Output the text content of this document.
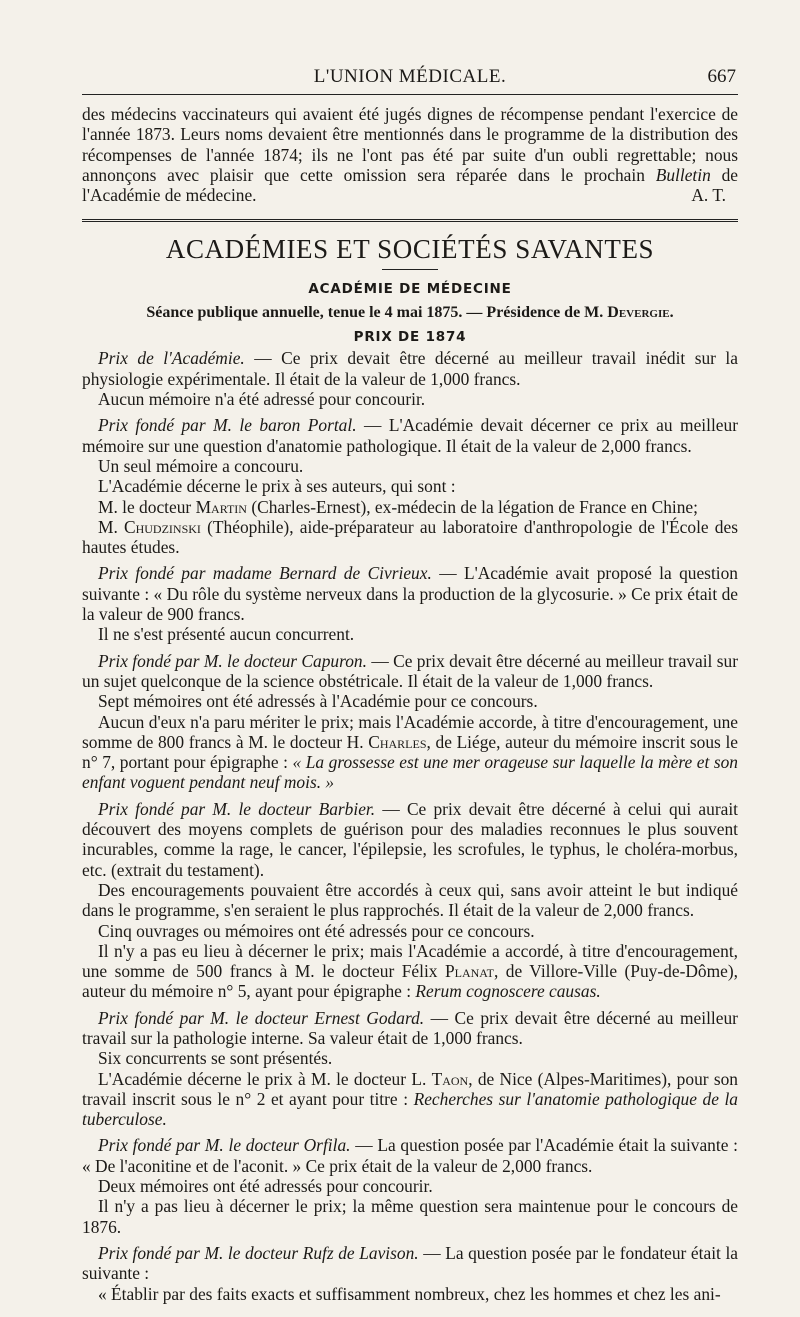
L'UNION MÉDICALE.	667

des médecins vaccinateurs qui avaient été jugés dignes de récompense pendant l'exercice de l'année 1873. Leurs noms devaient être mentionnés dans le programme de la distribution des récompenses de l'année 1874; ils ne l'ont pas été par suite d'un oubli regrettable; nous annonçons avec plaisir que cette omission sera réparée dans le prochain Bulletin de l'Académie de médecine.	A. T.

ACADÉMIES ET SOCIÉTÉS SAVANTES
ACADÉMIE DE MÉDECINE
Séance publique annuelle, tenue le 4 mai 1875. — Présidence de M. Devergie.
PRIX DE 1874

Prix de l'Académie. — Ce prix devait être décerné au meilleur travail inédit sur la physiologie expérimentale. Il était de la valeur de 1,000 francs.

Aucun mémoire n'a été adressé pour concourir.

Prix fondé par M. le baron Portal. — L'Académie devait décerner ce prix au meilleur mémoire sur une question d'anatomie pathologique. Il était de la valeur de 2,000 francs.

Un seul mémoire a concouru.

L'Académie décerne le prix à ses auteurs, qui sont :

M. le docteur Martin (Charles-Ernest), ex-médecin de la légation de France en Chine;

M. Chudzinski (Théophile), aide-préparateur au laboratoire d'anthropologie de l'École des hautes études.

Prix fondé par madame Bernard de Civrieux. — L'Académie avait proposé la question suivante : « Du rôle du système nerveux dans la production de la glycosurie. » Ce prix était de la valeur de 900 francs.

Il ne s'est présenté aucun concurrent.

Prix fondé par M. le docteur Capuron. — Ce prix devait être décerné au meilleur travail sur un sujet quelconque de la science obstétricale. Il était de la valeur de 1,000 francs.

Sept mémoires ont été adressés à l'Académie pour ce concours.

Aucun d'eux n'a paru mériter le prix; mais l'Académie accorde, à titre d'encouragement, une somme de 800 francs à M. le docteur H. Charles, de Liége, auteur du mémoire inscrit sous le n° 7, portant pour épigraphe : « La grossesse est une mer orageuse sur laquelle la mère et son enfant voguent pendant neuf mois. »

Prix fondé par M. le docteur Barbier. — Ce prix devait être décerné à celui qui aurait découvert des moyens complets de guérison pour des maladies reconnues le plus souvent incurables, comme la rage, le cancer, l'épilepsie, les scrofules, le typhus, le choléra-morbus, etc. (extrait du testament).

Des encouragements pouvaient être accordés à ceux qui, sans avoir atteint le but indiqué dans le programme, s'en seraient le plus rapprochés. Il était de la valeur de 2,000 francs.

Cinq ouvrages ou mémoires ont été adressés pour ce concours.

Il n'y a pas eu lieu à décerner le prix; mais l'Académie a accordé, à titre d'encouragement, une somme de 500 francs à M. le docteur Félix Planat, de Villore-Ville (Puy-de-Dôme), auteur du mémoire n° 5, ayant pour épigraphe : Rerum cognoscere causas.

Prix fondé par M. le docteur Ernest Godard. — Ce prix devait être décerné au meilleur travail sur la pathologie interne. Sa valeur était de 1,000 francs.

Six concurrents se sont présentés.

L'Académie décerne le prix à M. le docteur L. Taon, de Nice (Alpes-Maritimes), pour son travail inscrit sous le n° 2 et ayant pour titre : Recherches sur l'anatomie pathologique de la tuberculose.

Prix fondé par M. le docteur Orfila. — La question posée par l'Académie était la suivante : « De l'aconitine et de l'aconit. » Ce prix était de la valeur de 2,000 francs.

Deux mémoires ont été adressés pour concourir.

Il n'y a pas lieu à décerner le prix; la même question sera maintenue pour le concours de 1876.

Prix fondé par M. le docteur Rufz de Lavison. — La question posée par le fondateur était la suivante :

« Établir par des faits exacts et suffisamment nombreux, chez les hommes et chez les ani-
